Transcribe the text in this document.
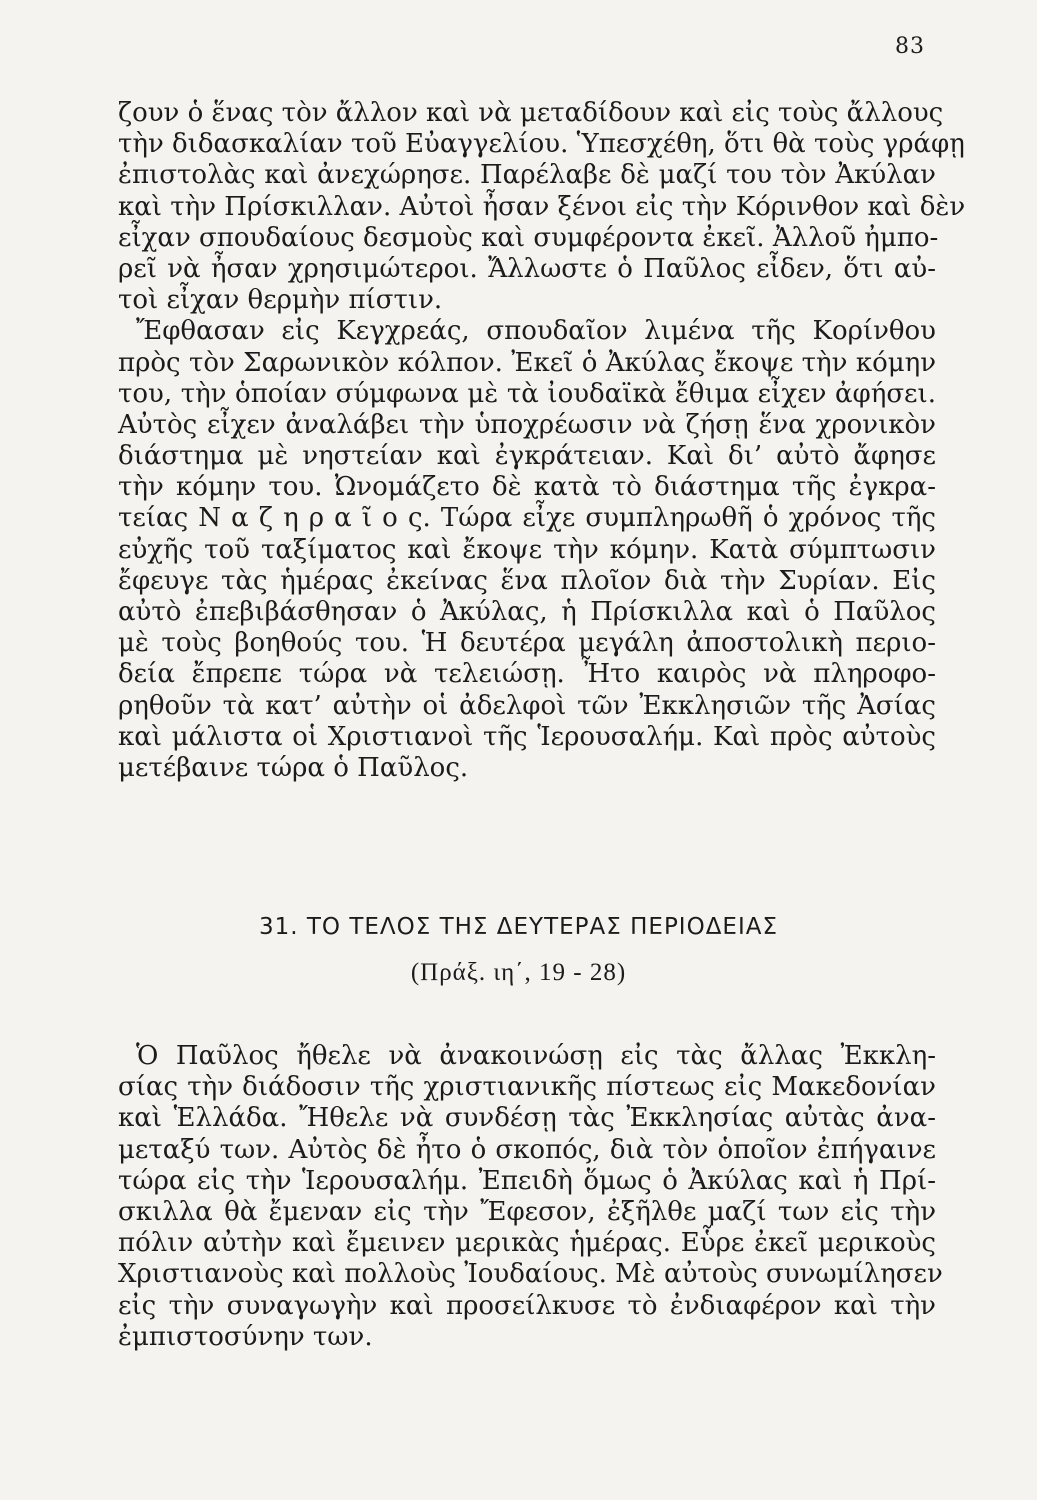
83
ζουν ὁ ἕνας τὸν ἄλλον καὶ νὰ μεταδίδουν καὶ εἰς τοὺς ἄλλους
τὴν διδασκαλίαν τοῦ Εὐαγγελίου. Ὑπεσχέθη, ὅτι θὰ τοὺς γράφῃ
ἐπιστολὰς καὶ ἀνεχώρησε. Παρέλαβε δὲ μαζί του τὸν Ἀκύλαν
καὶ τὴν Πρίσκιλλαν. Αὐτοὶ ἦσαν ξένοι εἰς τὴν Κόρινθον καὶ δὲν
εἶχαν σπουδαίους δεσμοὺς καὶ συμφέροντα ἐκεῖ. Ἀλλοῦ ἠμπο-
ρεῖ νὰ ἦσαν χρησιμώτεροι. Ἄλλωστε ὁ Παῦλος εἶδεν, ὅτι αὐ-
τοὶ εἶχαν θερμὴν πίστιν.
Ἔφθασαν εἰς Κεγχρεάς, σπουδαῖον λιμένα τῆς Κορίνθου
πρὸς τὸν Σαρωνικὸν κόλπον. Ἐκεῖ ὁ Ἀκύλας ἔκοψε τὴν κόμην
του, τὴν ὁποίαν σύμφωνα μὲ τὰ ἰουδαϊκὰ ἔθιμα εἶχεν ἀφήσει.
Αὐτὸς εἶχεν ἀναλάβει τὴν ὑποχρέωσιν νὰ ζήσῃ ἕνα χρονικὸν
διάστημα μὲ νηστείαν καὶ ἐγκράτειαν. Καὶ δι’ αὐτὸ ἄφησε
τὴν κόμην του. Ὠνομάζετο δὲ κατὰ τὸ διάστημα τῆς ἐγκρα-
τείας Ν α ζ η ρ α ῖ ο ς. Τώρα εἶχε συμπληρωθῆ ὁ χρόνος τῆς
εὐχῆς τοῦ ταξίματος καὶ ἔκοψε τὴν κόμην. Κατὰ σύμπτωσιν
ἔφευγε τὰς ἡμέρας ἐκείνας ἕνα πλοῖον διὰ τὴν Συρίαν. Εἰς
αὐτὸ ἐπεβιβάσθησαν ὁ Ἀκύλας, ἡ Πρίσκιλλα καὶ ὁ Παῦλος
μὲ τοὺς βοηθούς του. Ἡ δευτέρα μεγάλη ἀποστολικὴ περιο-
δεία ἔπρεπε τώρα νὰ τελειώσῃ. Ἦτο καιρὸς νὰ πληροφο-
ρηθοῦν τὰ κατ’ αὐτὴν οἱ ἀδελφοὶ τῶν Ἐκκλησιῶν τῆς Ἀσίας
καὶ μάλιστα οἱ Χριστιανοὶ τῆς Ἱερουσαλήμ. Καὶ πρὸς αὐτοὺς
μετέβαινε τώρα ὁ Παῦλος.
31. ΤΟ ΤΕΛΟΣ ΤΗΣ ΔΕΥΤΕΡΑΣ ΠΕΡΙΟΔΕΙΑΣ
(Πράξ. ιη΄, 19 - 28)
Ὁ Παῦλος ἤθελε νὰ ἀνακοινώσῃ εἰς τὰς ἄλλας Ἐκκλη-
σίας τὴν διάδοσιν τῆς χριστιανικῆς πίστεως εἰς Μακεδονίαν
καὶ Ἑλλάδα. Ἤθελε νὰ συνδέσῃ τὰς Ἐκκλησίας αὐτὰς ἀνα-
μεταξύ των. Αὐτὸς δὲ ἦτο ὁ σκοπός, διὰ τὸν ὁποῖον ἐπήγαινε
τώρα εἰς τὴν Ἱερουσαλήμ. Ἐπειδὴ ὅμως ὁ Ἀκύλας καὶ ἡ Πρί-
σκιλλα θὰ ἔμεναν εἰς τὴν Ἔφεσον, ἐξῆλθε μαζί των εἰς τὴν
πόλιν αὐτὴν καὶ ἔμεινεν μερικὰς ἡμέρας. Εὗρε ἐκεῖ μερικοὺς
Χριστιανοὺς καὶ πολλοὺς Ἰουδαίους. Μὲ αὐτοὺς συνωμίλησεν
εἰς τὴν συναγωγὴν καὶ προσείλκυσε τὸ ἐνδιαφέρον καὶ τὴν
ἐμπιστοσύνην των.
